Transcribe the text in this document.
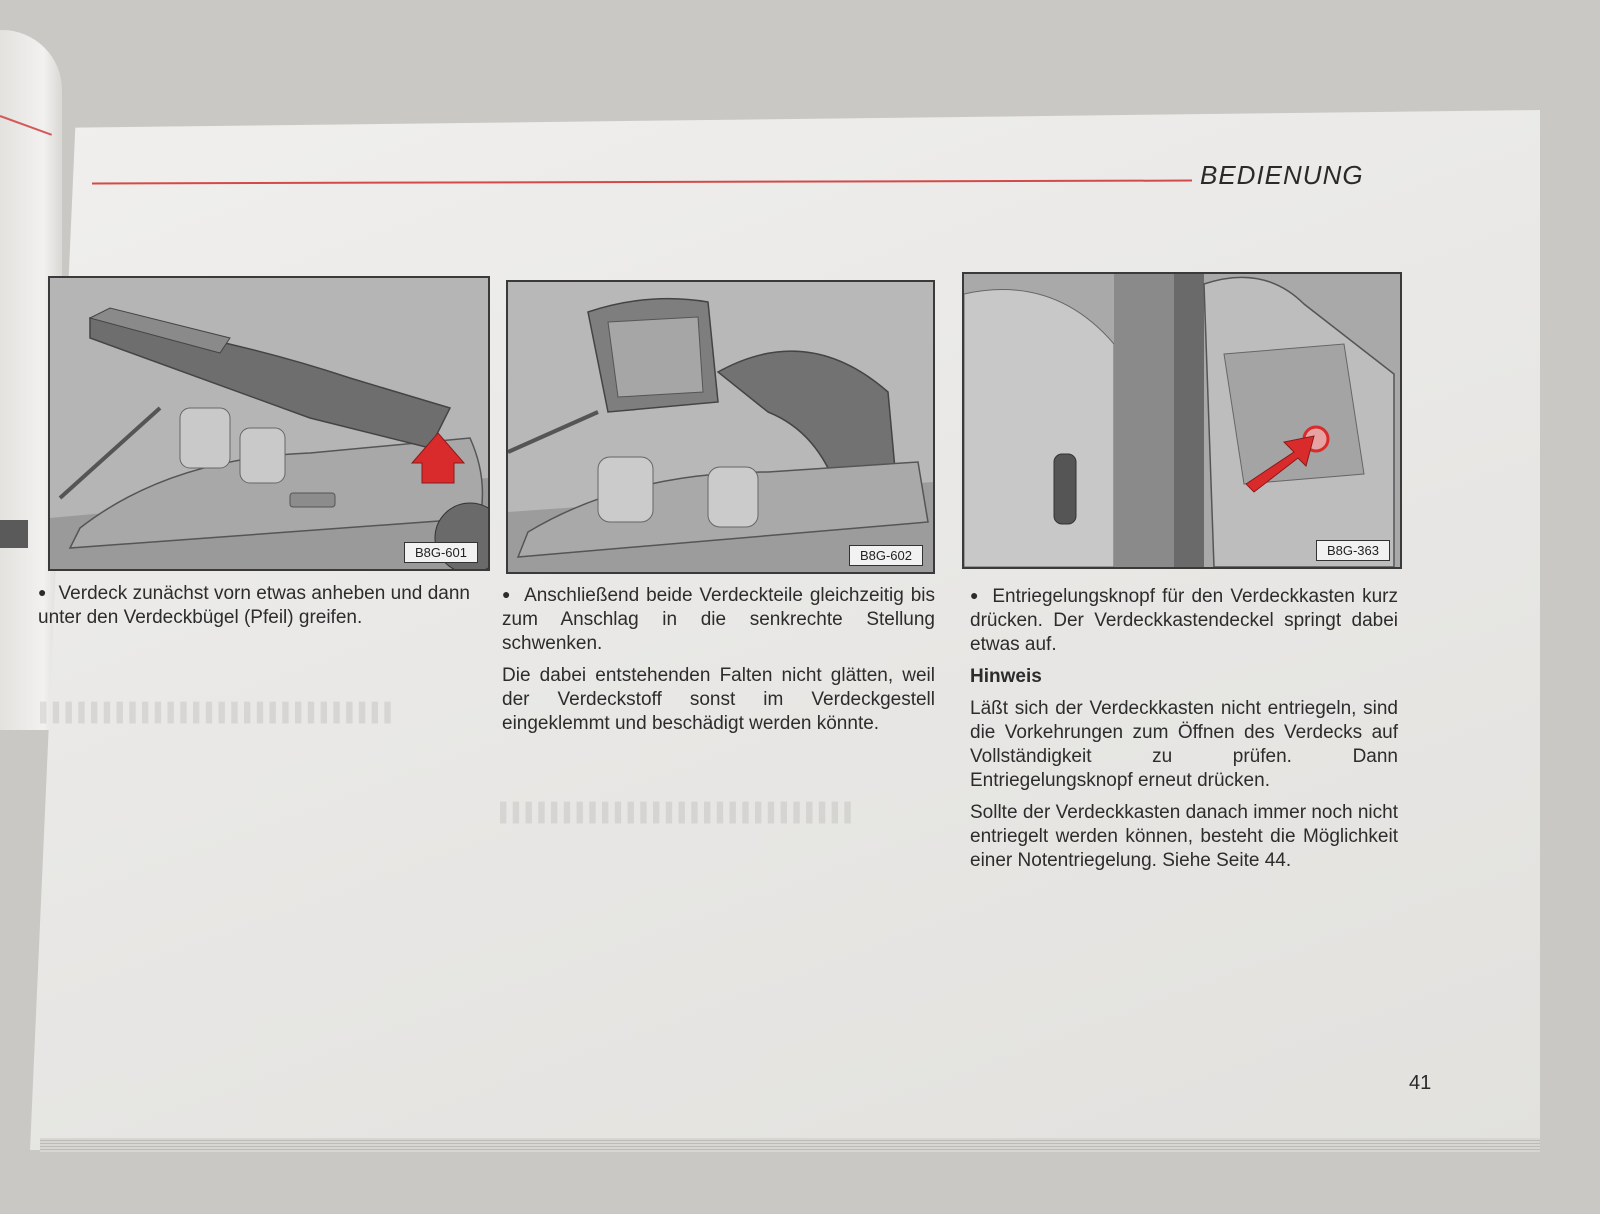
BEDIENUNG
B8G-601	B8G-602	B8G-363
▌▌▌▌▌▌▌▌▌▌▌▌▌▌▌▌▌▌▌▌▌▌▌▌▌▌▌▌
▌▌▌▌▌▌▌▌▌▌▌▌▌▌▌▌▌▌▌▌▌▌▌▌▌▌▌▌

● Verdeck zunächst vorn etwas anheben und dann unter den Verdeckbügel (Pfeil) greifen.

● Anschließend beide Verdeckteile gleichzeitig bis zum Anschlag in die senkrechte Stellung schwenken.

Die dabei entstehenden Falten nicht glätten, weil der Verdeckstoff sonst im Verdeckgestell eingeklemmt und beschädigt werden könnte.

● Entriegelungsknopf für den Verdeckkasten kurz drücken. Der Verdeckkastendeckel springt dabei etwas auf.

Hinweis

Läßt sich der Verdeckkasten nicht entriegeln, sind die Vorkehrungen zum Öffnen des Verdecks auf Vollständigkeit zu prüfen. Dann Entriegelungsknopf erneut drücken.

Sollte der Verdeckkasten danach immer noch nicht entriegelt werden können, besteht die Möglichkeit einer Notentriegelung. Siehe Seite 44.

41
